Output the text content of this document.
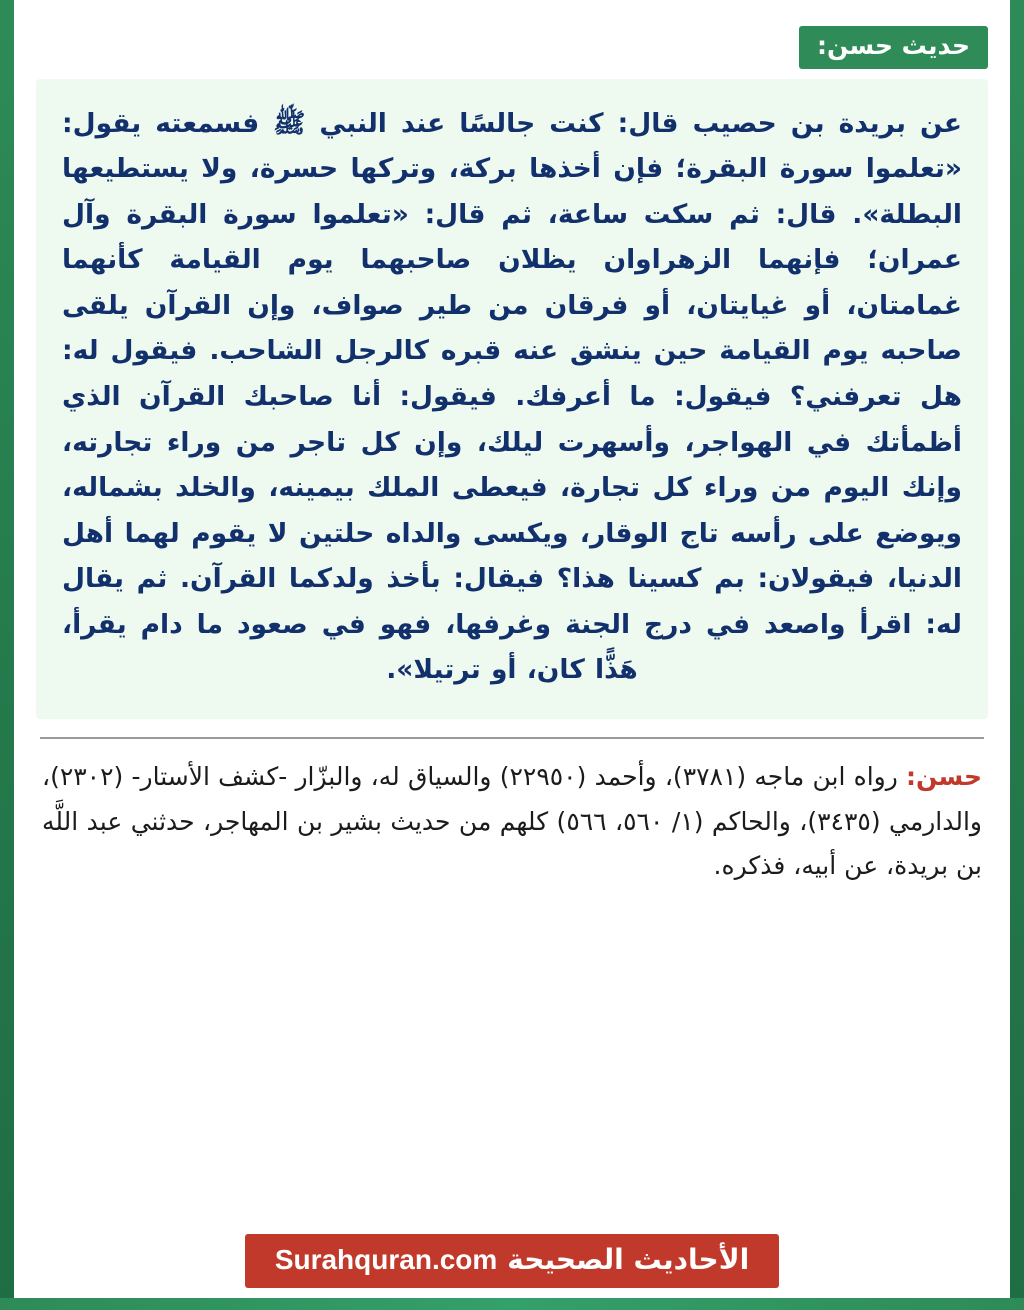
حديث حسن:
عن بريدة بن حصيب قال: كنت جالسًا عند النبي ﷺ فسمعته يقول: «تعلموا سورة البقرة؛ فإن أخذها بركة، وتركها حسرة، ولا يستطيعها البطلة». قال: ثم سكت ساعة، ثم قال: «تعلموا سورة البقرة وآل عمران؛ فإنهما الزهراوان يظلان صاحبهما يوم القيامة كأنهما غمامتان، أو غيايتان، أو فرقان من طير صواف، وإن القرآن يلقى صاحبه يوم القيامة حين ينشق عنه قبره كالرجل الشاحب. فيقول له: هل تعرفني؟ فيقول: ما أعرفك. فيقول: أنا صاحبك القرآن الذي أظمأتك في الهواجر، وأسهرت ليلك، وإن كل تاجر من وراء تجارته، وإنك اليوم من وراء كل تجارة، فيعطى الملك بيمينه، والخلد بشماله، ويوضع على رأسه تاج الوقار، ويكسى والداه حلتين لا يقوم لهما أهل الدنيا، فيقولان: بم كسينا هذا؟ فيقال: بأخذ ولدكما القرآن. ثم يقال له: اقرأ واصعد في درج الجنة وغرفها، فهو في صعود ما دام يقرأ، هَذًّا كان، أو ترتيلا».
حسن: رواه ابن ماجه (٣٧٨١)، وأحمد (٢٢٩٥٠) والسياق له، والبزّار -كشف الأستار- (٢٣٠٢)، والدارمي (٣٤٣٥)، والحاكم (١/ ٥٦٠، ٥٦٦) كلهم من حديث بشير بن المهاجر، حدثني عبد اللَّه بن بريدة، عن أبيه، فذكره.
الأحاديث الصحيحة
Surahquran.com
